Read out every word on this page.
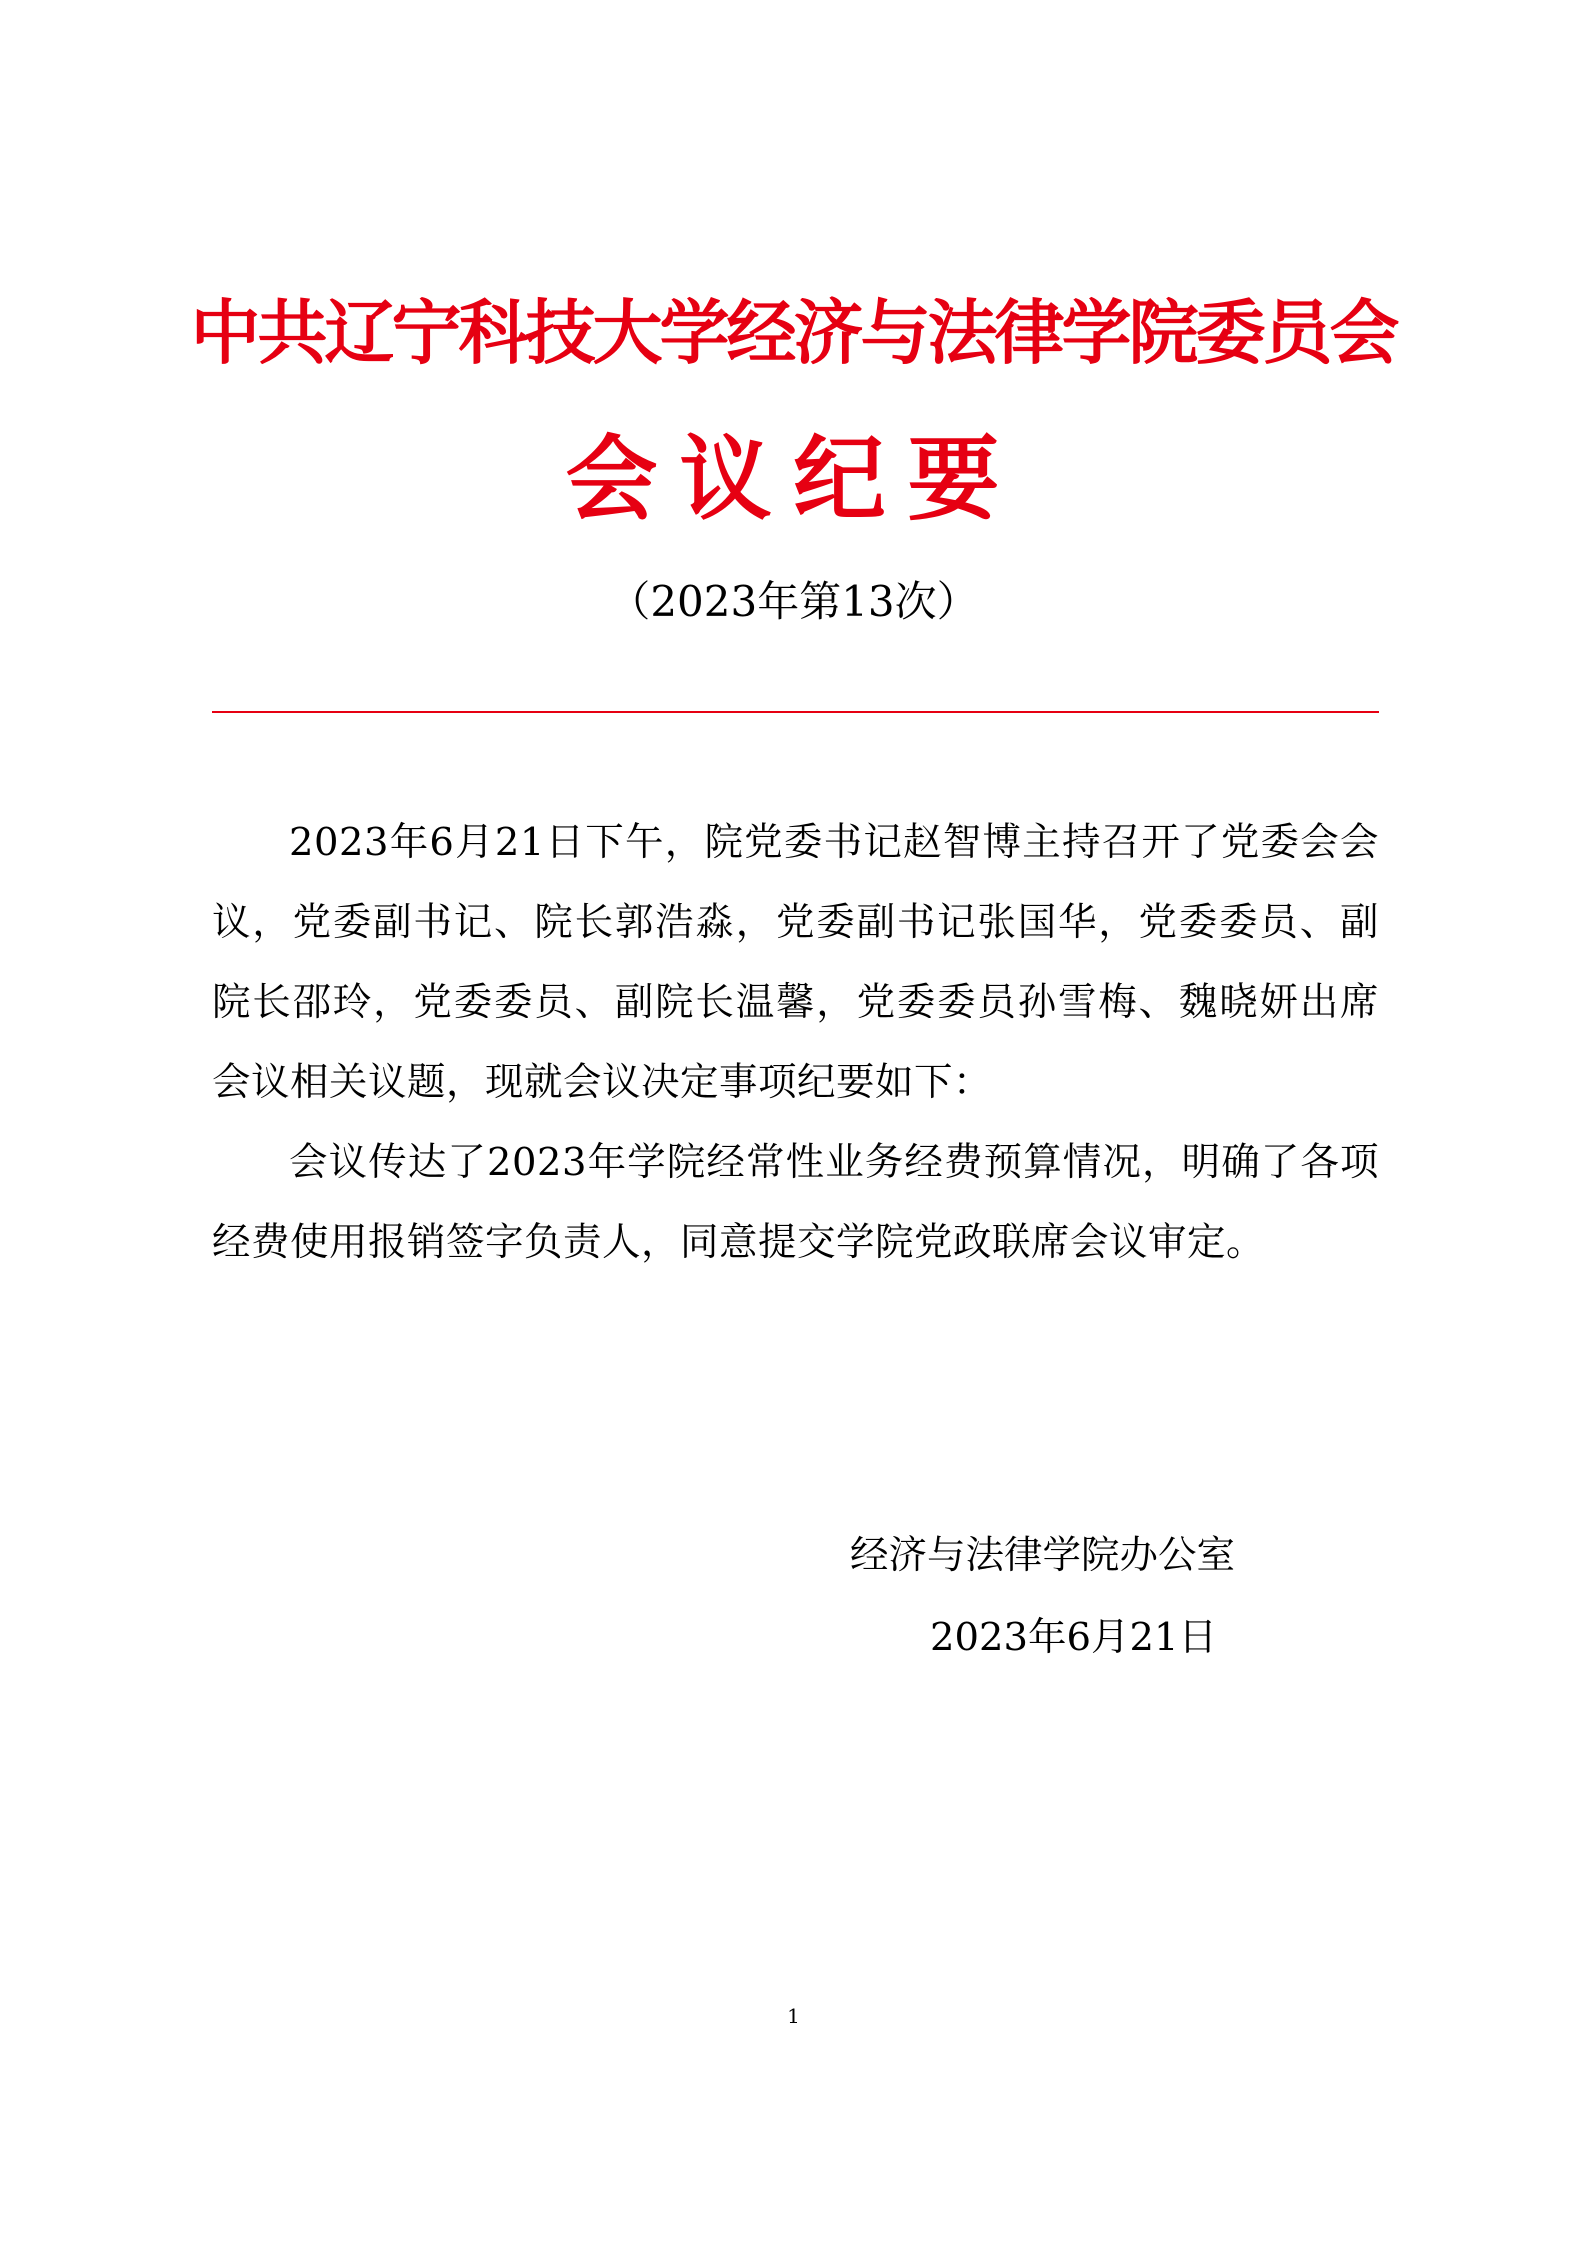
中共辽宁科技大学经济与法律学院委员会
会议纪要
（2023年第13次）

2023年6月21日下午，院党委书记赵智博主持召开了党委会会议，党委副书记、院长郭浩淼，党委副书记张国华，党委委员、副院长邵玲，党委委员、副院长温馨，党委委员孙雪梅、魏晓妍出席会议相关议题，现就会议决定事项纪要如下：

会议传达了2023年学院经常性业务经费预算情况，明确了各项经费使用报销签字负责人，同意提交学院党政联席会议审定。

经济与法律学院办公室
2023年6月21日
1
